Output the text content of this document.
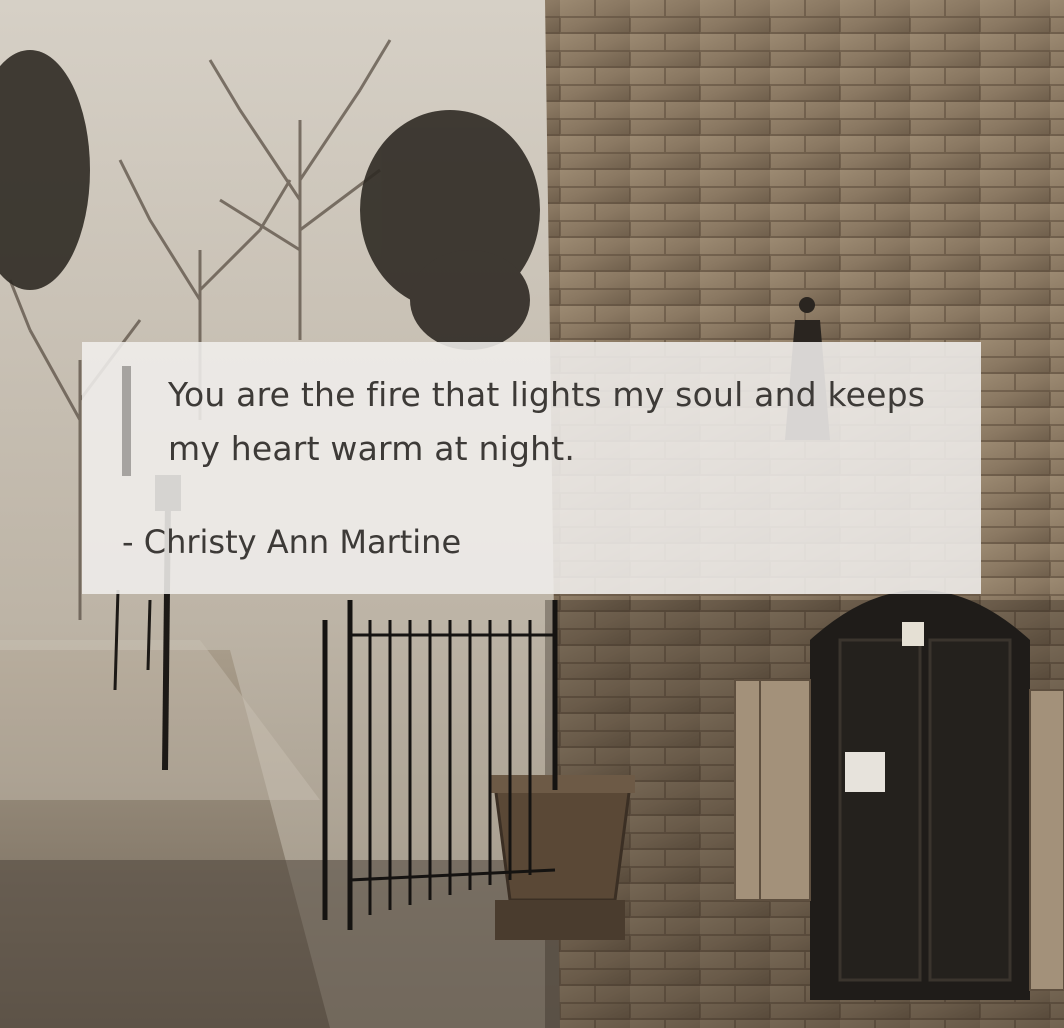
You are the fire that lights my soul and keeps my heart warm at night.
- Christy Ann Martine
